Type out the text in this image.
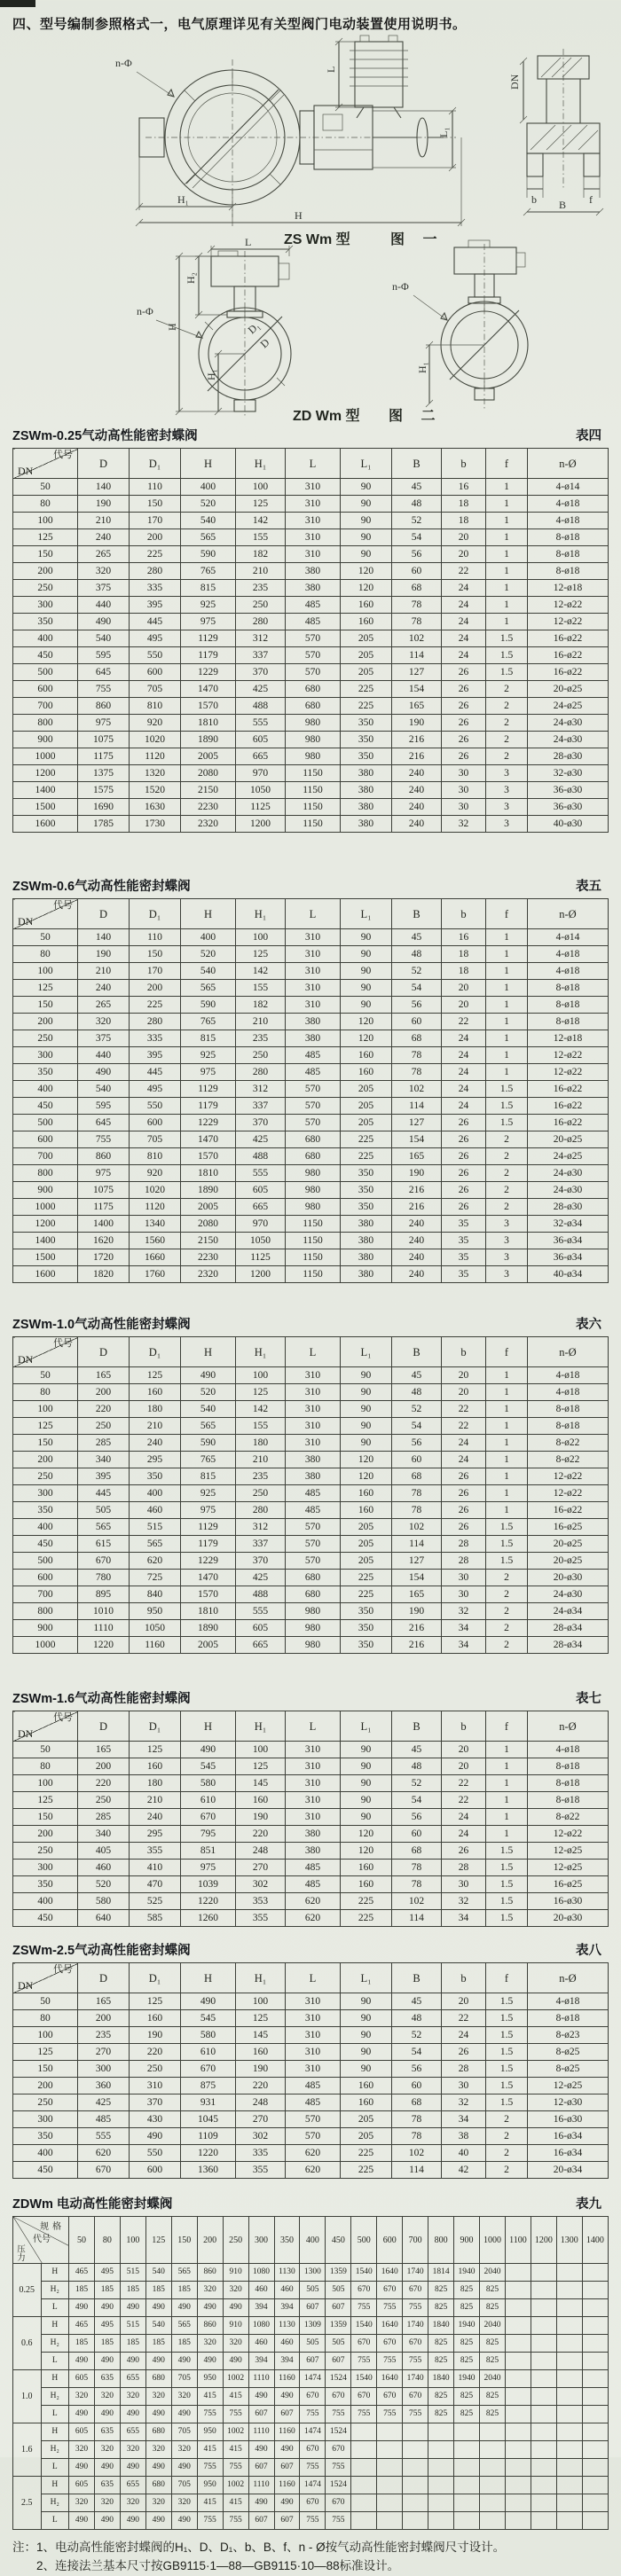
四、型号编制参照格式一，电气原理详见有关型阀门电动装置使用说明书。
n-Φ
L
L₁
H₁
H
DN
b	f
B
ZS Wm 型	图 一
D₁
D
L
H₂
H
H₁
n-Φ
n-Φ
H₁
ZD Wm 型 图 二
ZSWm-0.25气动高性能密封蝶阀	表四
代号
DN	D	D₁	H	H₁	L	L₁	B	b	f	n-Ø
50	140	110	400	100	310	90	45	16	1	4-ø14
80	190	150	520	125	310	90	48	18	1	4-ø18
100	210	170	540	142	310	90	52	18	1	4-ø18
125	240	200	565	155	310	90	54	20	1	8-ø18
150	265	225	590	182	310	90	56	20	1	8-ø18
200	320	280	765	210	380	120	60	22	1	8-ø18
250	375	335	815	235	380	120	68	24	1	12-ø18
300	440	395	925	250	485	160	78	24	1	12-ø22
350	490	445	975	280	485	160	78	24	1	12-ø22
400	540	495	1129	312	570	205	102	24	1.5	16-ø22
450	595	550	1179	337	570	205	114	24	1.5	16-ø22
500	645	600	1229	370	570	205	127	26	1.5	16-ø22
600	755	705	1470	425	680	225	154	26	2	20-ø25
700	860	810	1570	488	680	225	165	26	2	24-ø25
800	975	920	1810	555	980	350	190	26	2	24-ø30
900	1075	1020	1890	605	980	350	216	26	2	24-ø30
1000	1175	1120	2005	665	980	350	216	26	2	28-ø30
1200	1375	1320	2080	970	1150	380	240	30	3	32-ø30
1400	1575	1520	2150	1050	1150	380	240	30	3	36-ø30
1500	1690	1630	2230	1125	1150	380	240	30	3	36-ø30
1600	1785	1730	2320	1200	1150	380	240	32	3	40-ø30
ZSWm-0.6气动高性能密封蝶阀	表五
代号
DN	D	D₁	H	H₁	L	L₁	B	b	f	n-Ø
50	140	110	400	100	310	90	45	16	1	4-ø14
80	190	150	520	125	310	90	48	18	1	4-ø18
100	210	170	540	142	310	90	52	18	1	4-ø18
125	240	200	565	155	310	90	54	20	1	8-ø18
150	265	225	590	182	310	90	56	20	1	8-ø18
200	320	280	765	210	380	120	60	22	1	8-ø18
250	375	335	815	235	380	120	68	24	1	12-ø18
300	440	395	925	250	485	160	78	24	1	12-ø22
350	490	445	975	280	485	160	78	24	1	12-ø22
400	540	495	1129	312	570	205	102	24	1.5	16-ø22
450	595	550	1179	337	570	205	114	24	1.5	16-ø22
500	645	600	1229	370	570	205	127	26	1.5	16-ø22
600	755	705	1470	425	680	225	154	26	2	20-ø25
700	860	810	1570	488	680	225	165	26	2	24-ø25
800	975	920	1810	555	980	350	190	26	2	24-ø30
900	1075	1020	1890	605	980	350	216	26	2	24-ø30
1000	1175	1120	2005	665	980	350	216	26	2	28-ø30
1200	1400	1340	2080	970	1150	380	240	35	3	32-ø34
1400	1620	1560	2150	1050	1150	380	240	35	3	36-ø34
1500	1720	1660	2230	1125	1150	380	240	35	3	36-ø34
1600	1820	1760	2320	1200	1150	380	240	35	3	40-ø34
ZSWm-1.0气动高性能密封蝶阀	表六
代号
DN	D	D₁	H	H₁	L	L₁	B	b	f	n-Ø
50	165	125	490	100	310	90	45	20	1	4-ø18
80	200	160	520	125	310	90	48	20	1	4-ø18
100	220	180	540	142	310	90	52	22	1	8-ø18
125	250	210	565	155	310	90	54	22	1	8-ø18
150	285	240	590	180	310	90	56	24	1	8-ø22
200	340	295	765	210	380	120	60	24	1	8-ø22
250	395	350	815	235	380	120	68	26	1	12-ø22
300	445	400	925	250	485	160	78	26	1	12-ø22
350	505	460	975	280	485	160	78	26	1	16-ø22
400	565	515	1129	312	570	205	102	26	1.5	16-ø25
450	615	565	1179	337	570	205	114	28	1.5	20-ø25
500	670	620	1229	370	570	205	127	28	1.5	20-ø25
600	780	725	1470	425	680	225	154	30	2	20-ø30
700	895	840	1570	488	680	225	165	30	2	24-ø30
800	1010	950	1810	555	980	350	190	32	2	24-ø34
900	1110	1050	1890	605	980	350	216	34	2	28-ø34
1000	1220	1160	2005	665	980	350	216	34	2	28-ø34
ZSWm-1.6气动高性能密封蝶阀	表七
代号
DN	D	D₁	H	H₁	L	L₁	B	b	f	n-Ø
50	165	125	490	100	310	90	45	20	1	4-ø18
80	200	160	545	125	310	90	48	20	1	8-ø18
100	220	180	580	145	310	90	52	22	1	8-ø18
125	250	210	610	160	310	90	54	22	1	8-ø18
150	285	240	670	190	310	90	56	24	1	8-ø22
200	340	295	795	220	380	120	60	24	1	12-ø22
250	405	355	851	248	380	120	68	26	1.5	12-ø25
300	460	410	975	270	485	160	78	28	1.5	12-ø25
350	520	470	1039	302	485	160	78	30	1.5	16-ø25
400	580	525	1220	353	620	225	102	32	1.5	16-ø30
450	640	585	1260	355	620	225	114	34	1.5	20-ø30
ZSWm-2.5气动高性能密封蝶阀	表八
代号
DN	D	D₁	H	H₁	L	L₁	B	b	f	n-Ø
50	165	125	490	100	310	90	45	20	1.5	4-ø18
80	200	160	545	125	310	90	48	22	1.5	8-ø18
100	235	190	580	145	310	90	52	24	1.5	8-ø23
125	270	220	610	160	310	90	54	26	1.5	8-ø25
150	300	250	670	190	310	90	56	28	1.5	8-ø25
200	360	310	875	220	485	160	60	30	1.5	12-ø25
250	425	370	931	248	485	160	68	32	1.5	12-ø30
300	485	430	1045	270	570	205	78	34	2	16-ø30
350	555	490	1109	302	570	205	78	38	2	16-ø34
400	620	550	1220	335	620	225	102	40	2	16-ø34
450	670	600	1360	355	620	225	114	42	2	20-ø34
ZDWm 电动高性能密封蝶阀	表九
规格
代号
压力		50	80	100	125	150	200	250	300	350	400	450	500	600	700	800	900	1000	1100	1200	1300	1400
0.25	H	465	495	515	540	565	860	910	1080	1130	1300	1359	1540	1640	1740	1814	1940	2040				
	H₂	185	185	185	185	185	320	320	460	460	505	505	670	670	670	825	825	825				
	L	490	490	490	490	490	490	490	394	394	607	607	755	755	755	825	825	825				
0.6	H	465	495	515	540	565	860	910	1080	1130	1309	1359	1540	1640	1740	1840	1940	2040				
	H₂	185	185	185	185	185	320	320	460	460	505	505	670	670	670	825	825	825				
	L	490	490	490	490	490	490	490	394	394	607	607	755	755	755	825	825	825				
1.0	H	605	635	655	680	705	950	1002	1110	1160	1474	1524	1540	1640	1740	1840	1940	2040				
	H₂	320	320	320	320	320	415	415	490	490	670	670	670	670	670	825	825	825				
	L	490	490	490	490	490	755	755	607	607	755	755	755	755	755	825	825	825				
1.6	H	605	635	655	680	705	950	1002	1110	1160	1474	1524										
	H₂	320	320	320	320	320	415	415	490	490	670	670										
	L	490	490	490	490	490	755	755	607	607	755	755										
2.5	H	605	635	655	680	705	950	1002	1110	1160	1474	1524										
	H₂	320	320	320	320	320	415	415	490	490	670	670										
	L	490	490	490	490	490	755	755	607	607	755	755										
注：1、电动高性能密封蝶阀的H₁、D、D₁、b、B、f、n - Ø按气动高性能密封蝶阀尺寸设计。
2、连接法兰基本尺寸按GB9115·1—88—GB9115·10—88标准设计。
